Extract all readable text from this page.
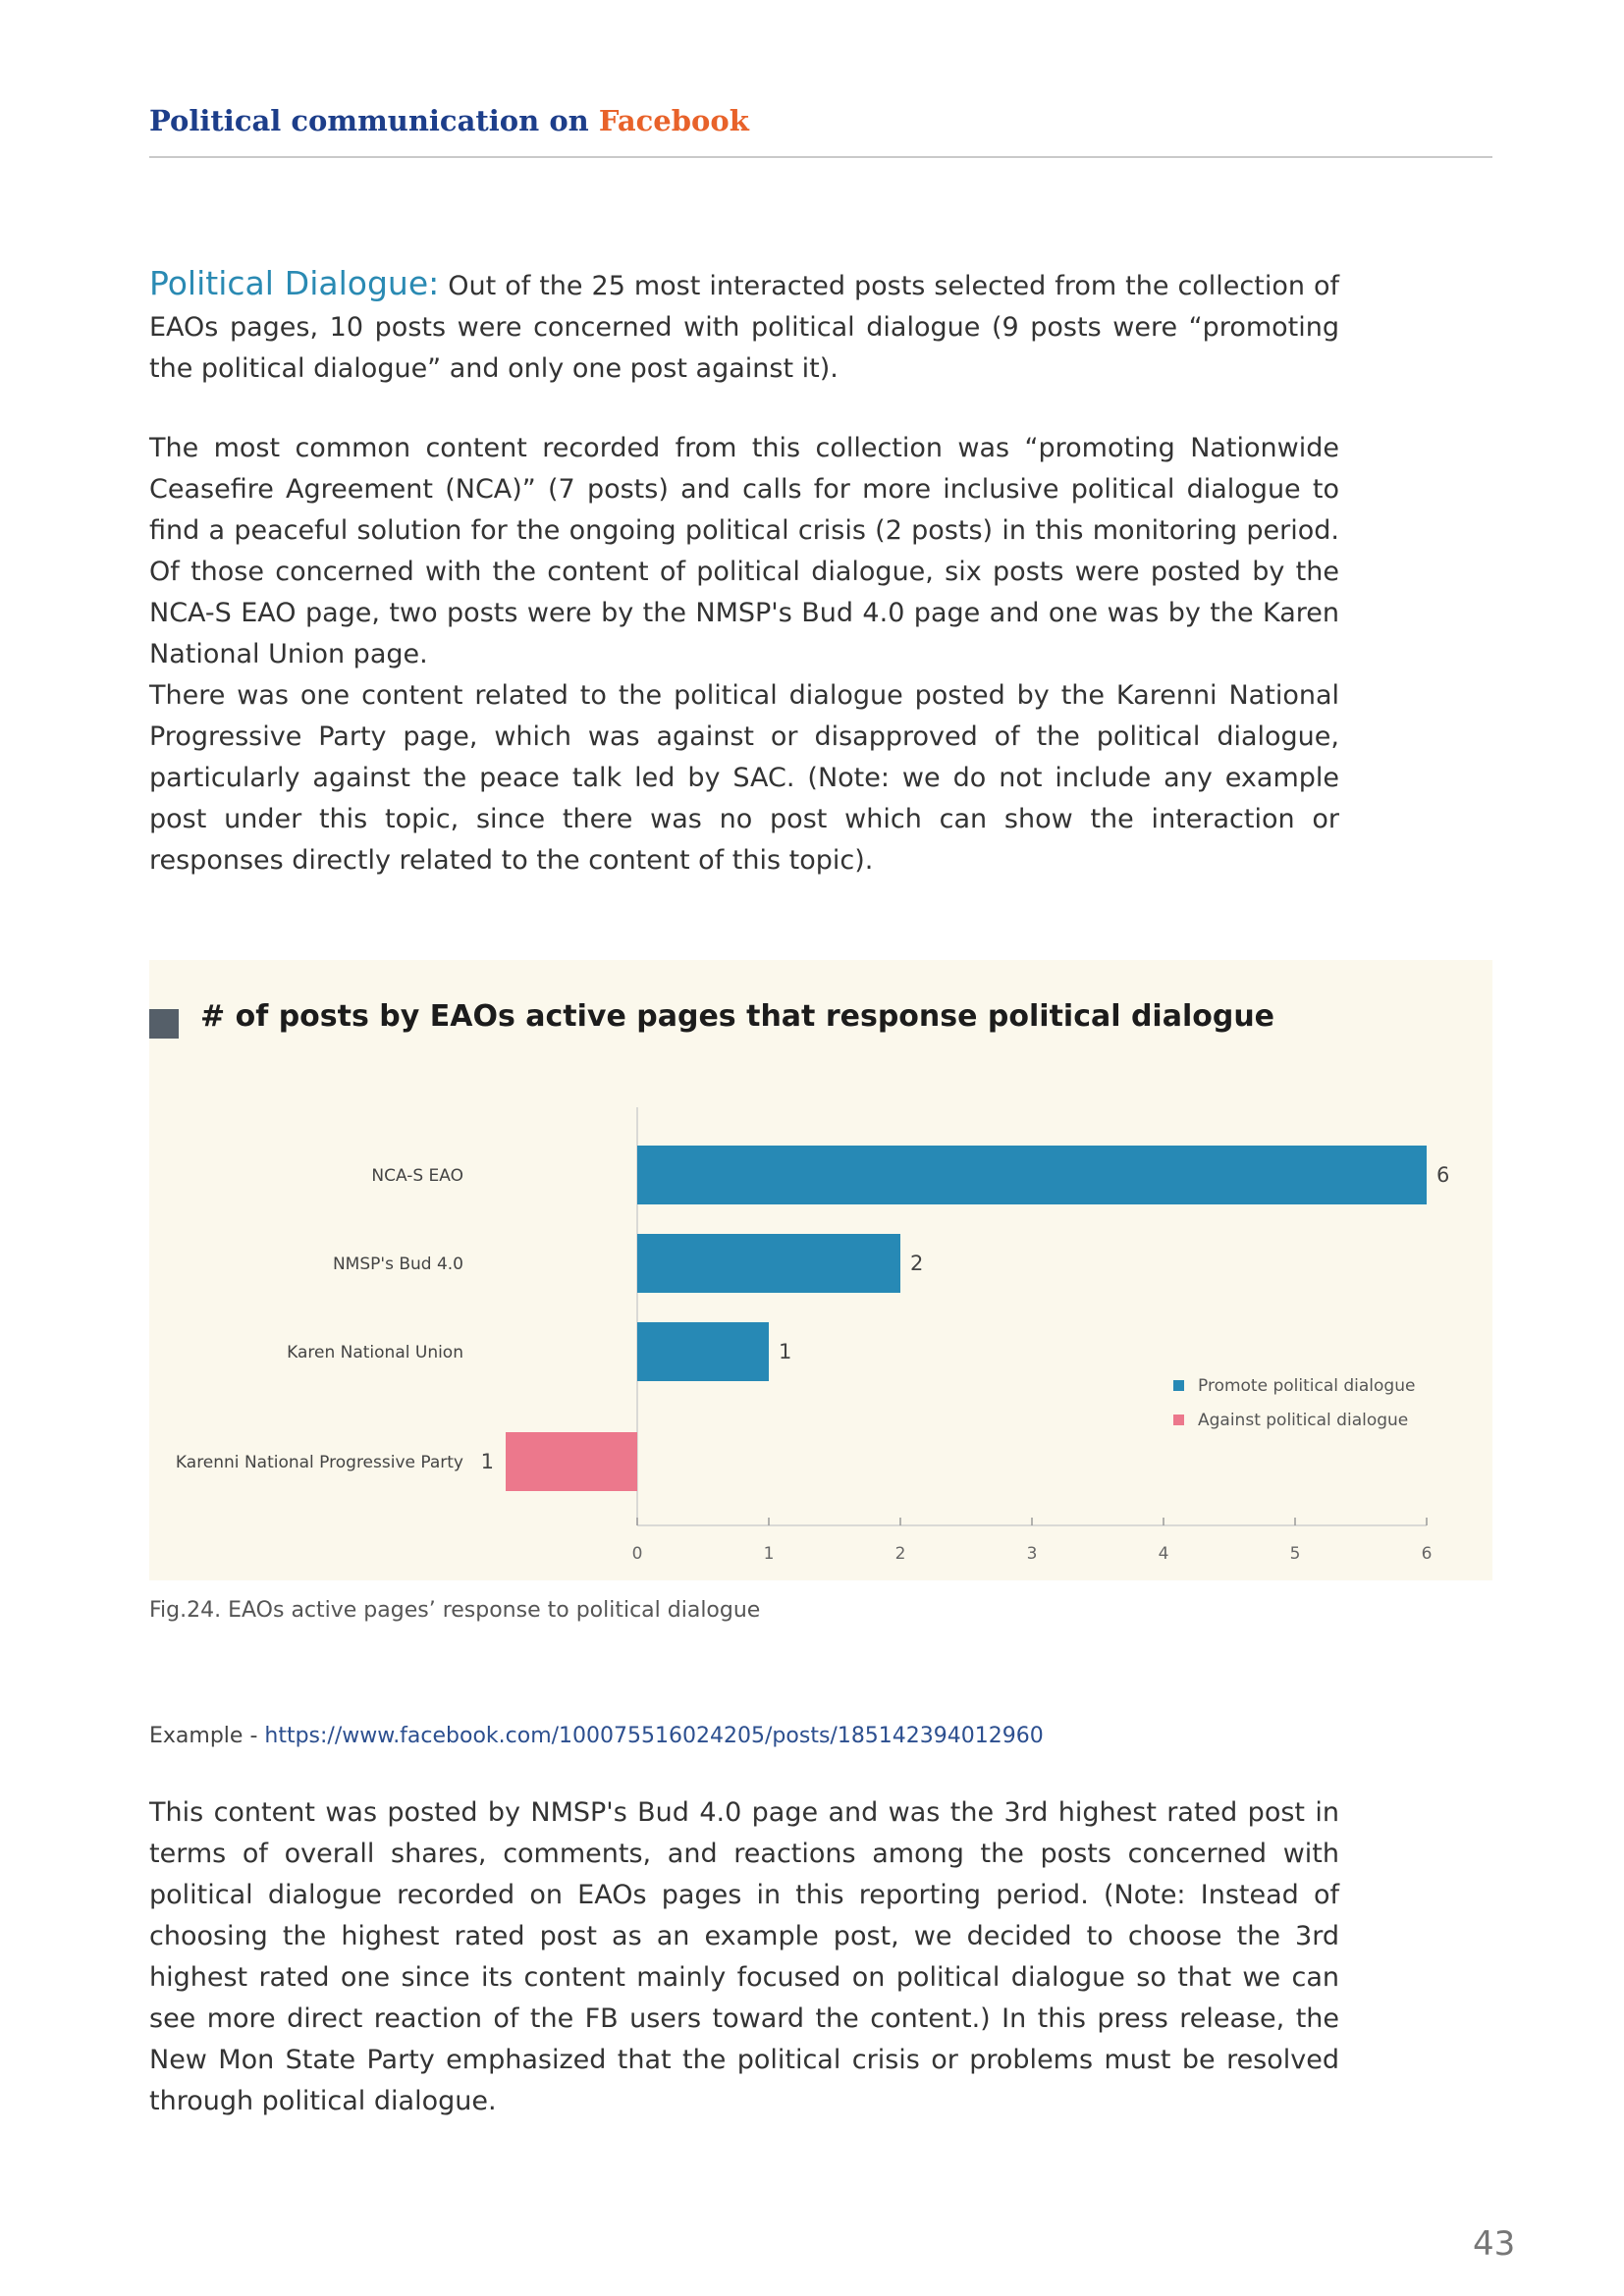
Political communication on Facebook
Political Dialogue: Out of the 25 most interacted posts selected from the collection of EAOs pages, 10 posts were concerned with political dialogue (9 posts were “promoting the political dialogue” and only one post against it).
The most common content recorded from this collection was “promoting Nationwide Ceasefire Agreement (NCA)” (7 posts) and calls for more inclusive political dialogue to find a peaceful solution for the ongoing political crisis (2 posts) in this monitoring period. Of those concerned with the content of political dialogue, six posts were posted by the NCA-S EAO page, two posts were by the NMSP's Bud 4.0 page and one was by the Karen National Union page.
There was one content related to the political dialogue posted by the Karenni National Progressive Party page, which was against or disapproved of the political dialogue, particularly against the peace talk led by SAC. (Note: we do not include any example post under this topic, since there was no post which can show the interaction or responses directly related to the content of this topic).
# of posts by EAOs active pages that response political dialogue
0	1	2	3	4	5	6
NCA-S EAO
NMSP's Bud 4.0
Karen National Union
Karenni National Progressive Party
6
2
1
1
Promote political dialogue
Against political dialogue
Fig.24. EAOs active pages’ response to political dialogue
Example - https://www.facebook.com/100075516024205/posts/185142394012960
This content was posted by NMSP's Bud 4.0 page and was the 3rd highest rated post in terms of overall shares, comments, and reactions among the posts concerned with political dialogue recorded on EAOs pages in this reporting period. (Note: Instead of choosing the highest rated post as an example post, we decided to choose the 3rd highest rated one since its content mainly focused on political dialogue so that we can see more direct reaction of the FB users toward the content.) In this press release, the New Mon State Party emphasized that the political crisis or problems must be resolved through political dialogue.
43
